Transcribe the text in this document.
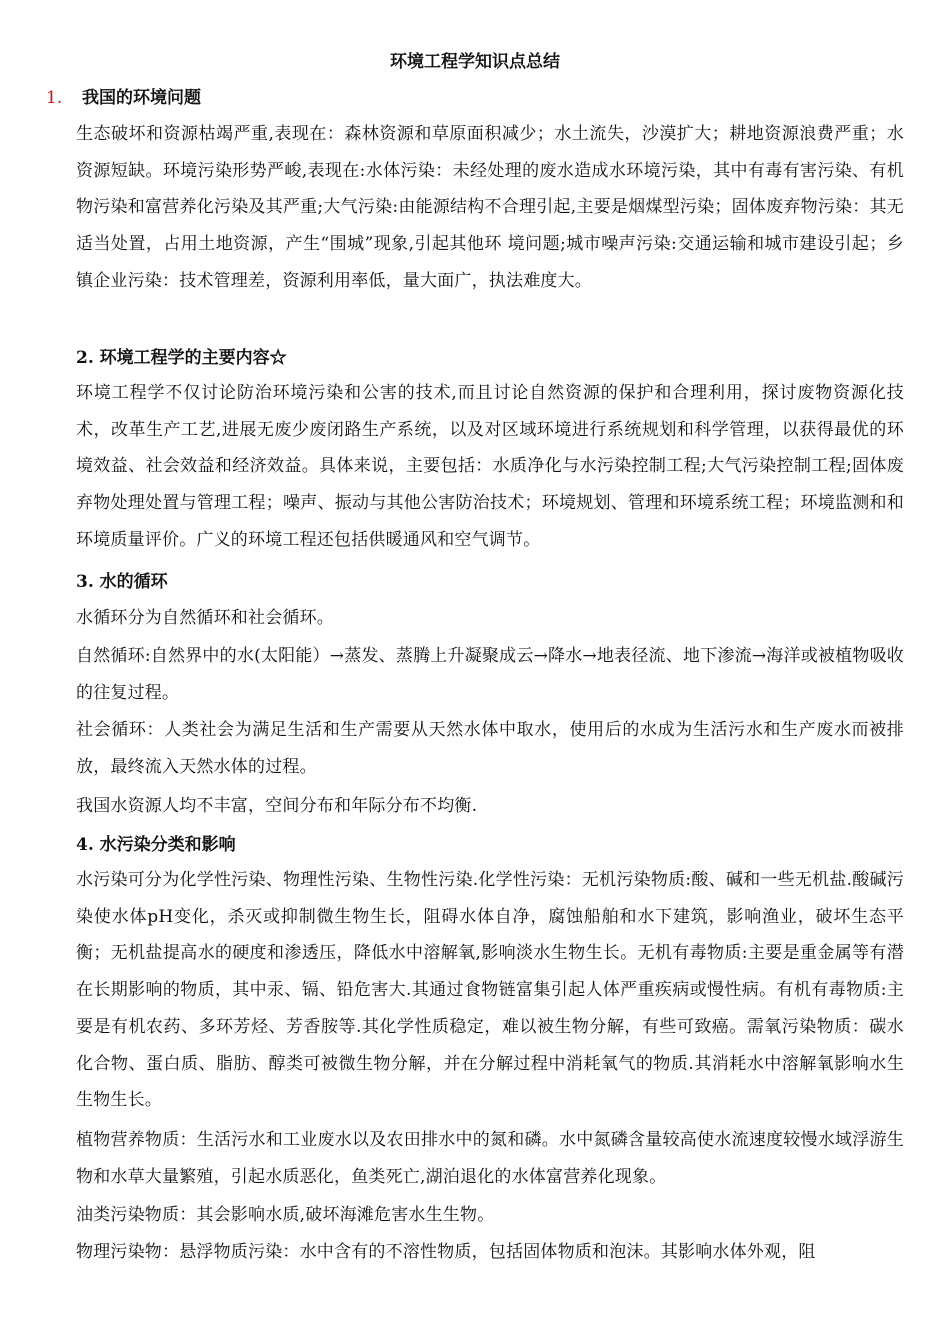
环境工程学知识点总结
1. 我国的环境问题
生态破坏和资源枯竭严重,表现在：森林资源和草原面积减少；水土流失，沙漠扩大；耕地资源浪费严重；水资源短缺。环境污染形势严峻,表现在:水体污染：未经处理的废水造成水环境污染，其中有毒有害污染、有机物污染和富营养化污染及其严重;大气污染:由能源结构不合理引起,主要是烟煤型污染；固体废弃物污染：其无适当处置，占用土地资源，产生“围城”现象,引起其他环 境问题;城市噪声污染:交通运输和城市建设引起；乡镇企业污染：技术管理差，资源利用率低，量大面广，执法难度大。
2. 环境工程学的主要内容☆
环境工程学不仅讨论防治环境污染和公害的技术,而且讨论自然资源的保护和合理利用，探讨废物资源化技术，改革生产工艺,进展无废少废闭路生产系统，以及对区域环境进行系统规划和科学管理，以获得最优的环境效益、社会效益和经济效益。具体来说，主要包括：水质净化与水污染控制工程;大气污染控制工程;固体废弃物处理处置与管理工程；噪声、振动与其他公害防治技术；环境规划、管理和环境系统工程；环境监测和和环境质量评价。广义的环境工程还包括供暖通风和空气调节。
3. 水的循环
水循环分为自然循环和社会循环。
自然循环:自然界中的水(太阳能）→蒸发、蒸腾上升凝聚成云→降水→地表径流、地下渗流→海洋或被植物吸收的往复过程。
社会循环：人类社会为满足生活和生产需要从天然水体中取水，使用后的水成为生活污水和生产废水而被排放，最终流入天然水体的过程。
我国水资源人均不丰富，空间分布和年际分布不均衡.
4. 水污染分类和影响
水污染可分为化学性污染、物理性污染、生物性污染.化学性污染：无机污染物质:酸、碱和一些无机盐.酸碱污染使水体pH变化，杀灭或抑制微生物生长，阻碍水体自净，腐蚀船舶和水下建筑，影响渔业，破坏生态平衡；无机盐提高水的硬度和渗透压，降低水中溶解氧,影响淡水生物生长。无机有毒物质:主要是重金属等有潜在长期影响的物质，其中汞、镉、铅危害大.其通过食物链富集引起人体严重疾病或慢性病。有机有毒物质:主要是有机农药、多环芳烃、芳香胺等.其化学性质稳定，难以被生物分解，有些可致癌。需氧污染物质：碳水化合物、蛋白质、脂肪、醇类可被微生物分解，并在分解过程中消耗氧气的物质.其消耗水中溶解氧影响水生生物生长。
植物营养物质：生活污水和工业废水以及农田排水中的氮和磷。水中氮磷含量较高使水流速度较慢水域浮游生物和水草大量繁殖，引起水质恶化，鱼类死亡,湖泊退化的水体富营养化现象。
油类污染物质：其会影响水质,破坏海滩危害水生生物。
物理污染物：悬浮物质污染：水中含有的不溶性物质，包括固体物质和泡沫。其影响水体外观，阻
